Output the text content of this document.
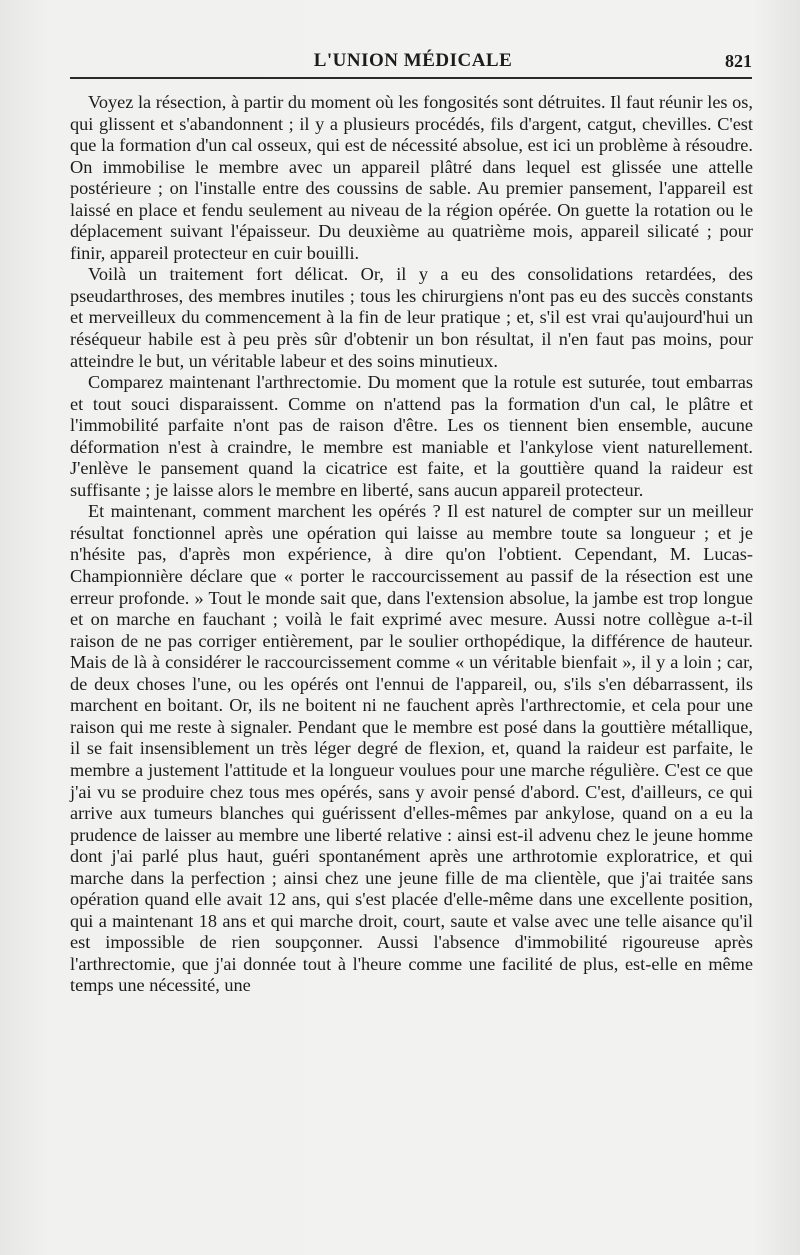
L'UNION MÉDICALE	821

Voyez la résection, à partir du moment où les fongosités sont détruites. Il faut réunir les os, qui glissent et s'abandonnent ; il y a plusieurs procédés, fils d'argent, catgut, chevilles. C'est que la formation d'un cal osseux, qui est de nécessité absolue, est ici un problème à résoudre. On immobilise le membre avec un appareil plâtré dans lequel est glissée une attelle postérieure ; on l'installe entre des coussins de sable. Au premier pansement, l'appareil est laissé en place et fendu seulement au niveau de la région opérée. On guette la rotation ou le déplacement suivant l'épaisseur. Du deuxième au quatrième mois, appareil silicaté ; pour finir, appareil protecteur en cuir bouilli.

Voilà un traitement fort délicat. Or, il y a eu des consolidations retardées, des pseudarthroses, des membres inutiles ; tous les chirurgiens n'ont pas eu des succès constants et merveilleux du commencement à la fin de leur pratique ; et, s'il est vrai qu'aujourd'hui un réséqueur habile est à peu près sûr d'obtenir un bon résultat, il n'en faut pas moins, pour atteindre le but, un véritable labeur et des soins minutieux.

Comparez maintenant l'arthrectomie. Du moment que la rotule est suturée, tout embarras et tout souci disparaissent. Comme on n'attend pas la formation d'un cal, le plâtre et l'immobilité parfaite n'ont pas de raison d'être. Les os tiennent bien ensemble, aucune déformation n'est à craindre, le membre est maniable et l'ankylose vient naturellement. J'enlève le pansement quand la cicatrice est faite, et la gouttière quand la raideur est suffisante ; je laisse alors le membre en liberté, sans aucun appareil protecteur.

Et maintenant, comment marchent les opérés ? Il est naturel de compter sur un meilleur résultat fonctionnel après une opération qui laisse au membre toute sa longueur ; et je n'hésite pas, d'après mon expérience, à dire qu'on l'obtient. Cependant, M. Lucas-Championnière déclare que « porter le raccourcissement au passif de la résection est une erreur profonde. » Tout le monde sait que, dans l'extension absolue, la jambe est trop longue et on marche en fauchant ; voilà le fait exprimé avec mesure. Aussi notre collègue a-t-il raison de ne pas corriger entièrement, par le soulier orthopédique, la différence de hauteur. Mais de là à considérer le raccourcissement comme « un véritable bienfait », il y a loin ; car, de deux choses l'une, ou les opérés ont l'ennui de l'appareil, ou, s'ils s'en débarrassent, ils marchent en boitant. Or, ils ne boitent ni ne fauchent après l'arthrectomie, et cela pour une raison qui me reste à signaler. Pendant que le membre est posé dans la gouttière métallique, il se fait insensiblement un très léger degré de flexion, et, quand la raideur est parfaite, le membre a justement l'attitude et la longueur voulues pour une marche régulière. C'est ce que j'ai vu se produire chez tous mes opérés, sans y avoir pensé d'abord. C'est, d'ailleurs, ce qui arrive aux tumeurs blanches qui guérissent d'elles-mêmes par ankylose, quand on a eu la prudence de laisser au membre une liberté relative : ainsi est-il advenu chez le jeune homme dont j'ai parlé plus haut, guéri spontanément après une arthrotomie exploratrice, et qui marche dans la perfection ; ainsi chez une jeune fille de ma clientèle, que j'ai traitée sans opération quand elle avait 12 ans, qui s'est placée d'elle-même dans une excellente position, qui a maintenant 18 ans et qui marche droit, court, saute et valse avec une telle aisance qu'il est impossible de rien soupçonner. Aussi l'absence d'immobilité rigoureuse après l'arthrectomie, que j'ai donnée tout à l'heure comme une facilité de plus, est-elle en même temps une nécessité, une
